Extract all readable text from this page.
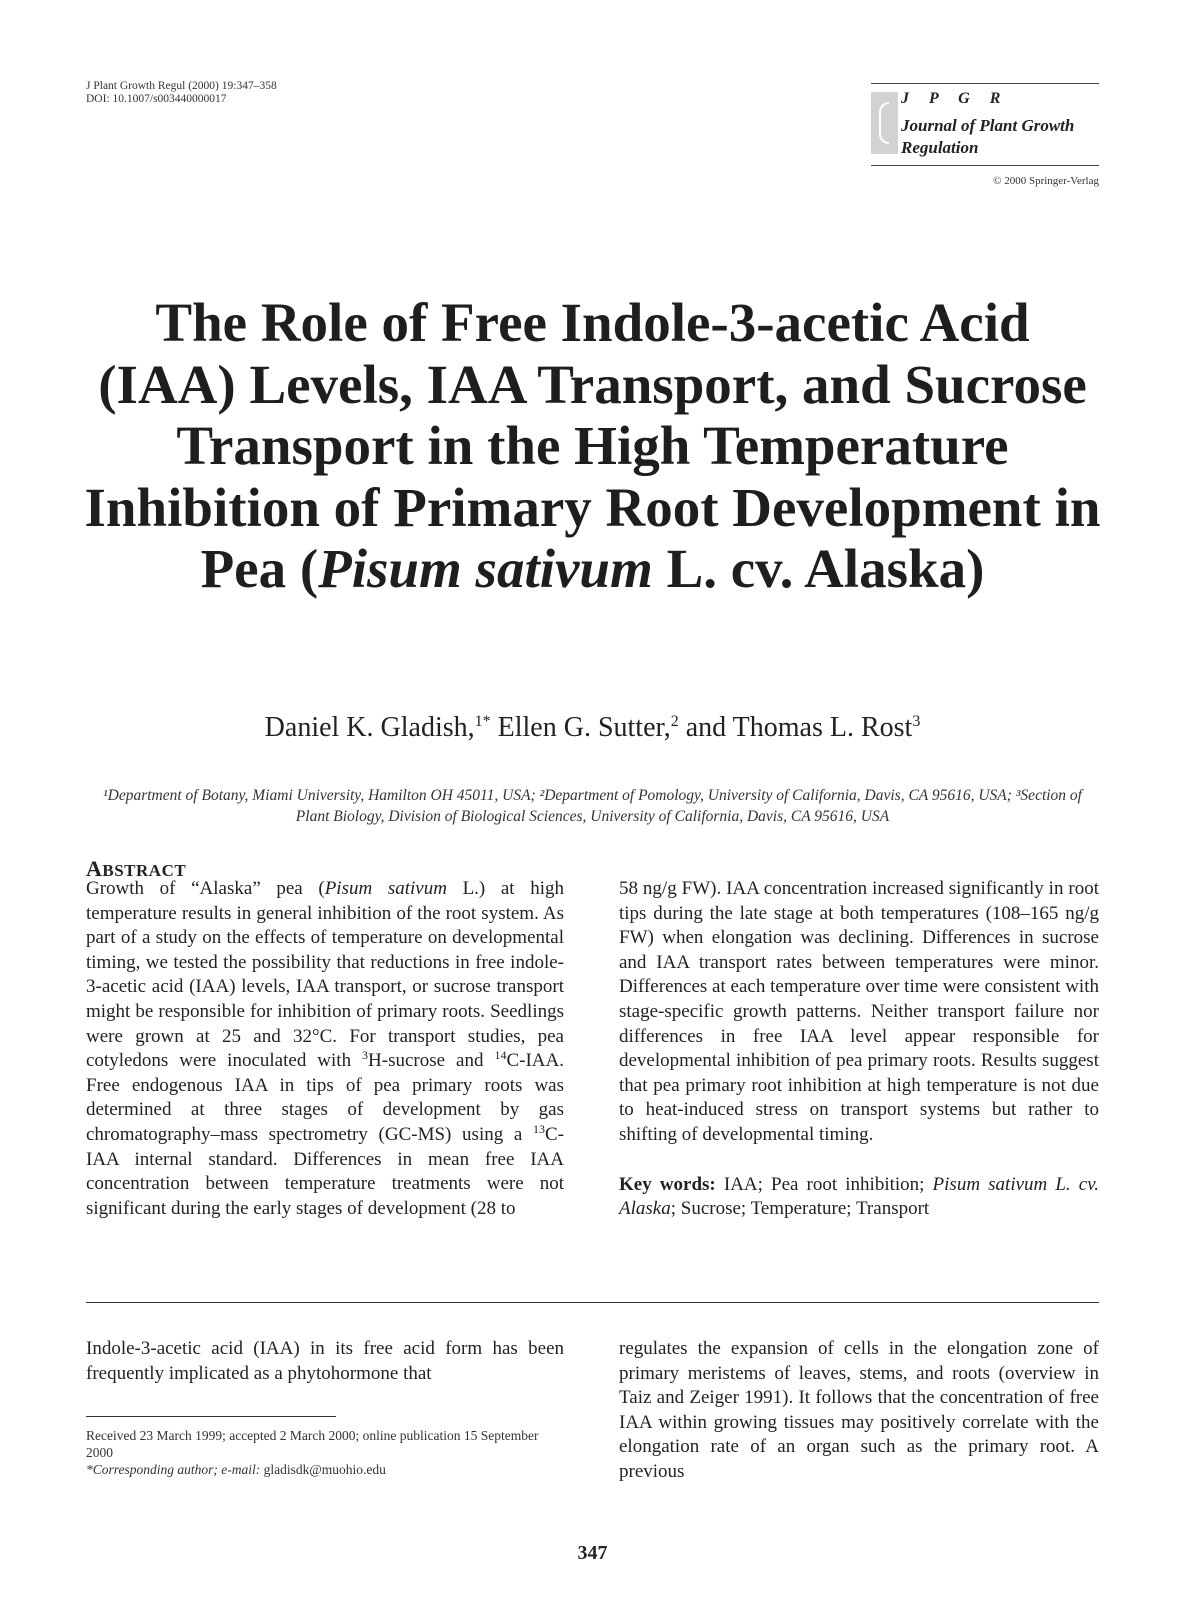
J Plant Growth Regul (2000) 19:347–358
DOI: 10.1007/s003440000017	J P G R
Journal of Plant Growth
Regulation
© 2000 Springer-Verlag
The Role of Free Indole-3-acetic Acid (IAA) Levels, IAA Transport, and Sucrose Transport in the High Temperature Inhibition of Primary Root Development in Pea (Pisum sativum L. cv. Alaska)
Daniel K. Gladish,$^{1*}$ Ellen G. Sutter,$^2$ and Thomas L. Rost$^3$
¹Department of Botany, Miami University, Hamilton OH 45011, USA; ²Department of Pomology, University of California, Davis, CA 95616, USA; ³Section of Plant Biology, Division of Biological Sciences, University of California, Davis, CA 95616, USA
ABSTRACT

Growth of “Alaska” pea (Pisum sativum L.) at high temperature results in general inhibition of the root system. As part of a study on the effects of temperature on developmental timing, we tested the possibility that reductions in free indole-3-acetic acid (IAA) levels, IAA transport, or sucrose transport might be responsible for inhibition of primary roots. Seedlings were grown at 25 and 32°C. For transport studies, pea cotyledons were inoculated with $^3$H-sucrose and $^{14}$C-IAA. Free endogenous IAA in tips of pea primary roots was determined at three stages of development by gas chromatography–mass spectrometry (GC-MS) using a $^{13}$C-IAA internal standard. Differences in mean free IAA concentration between temperature treatments were not significant during the early stages of development (28 to

58 ng/g FW). IAA concentration increased significantly in root tips during the late stage at both temperatures (108–165 ng/g FW) when elongation was declining. Differences in sucrose and IAA transport rates between temperatures were minor. Differences at each temperature over time were consistent with stage-specific growth patterns. Neither transport failure nor differences in free IAA level appear responsible for developmental inhibition of pea primary roots. Results suggest that pea primary root inhibition at high temperature is not due to heat-induced stress on transport systems but rather to shifting of developmental timing.

Key words: IAA; Pea root inhibition; Pisum sativum L. cv. Alaska; Sucrose; Temperature; Transport

Indole-3-acetic acid (IAA) in its free acid form has been frequently implicated as a phytohormone that

regulates the expansion of cells in the elongation zone of primary meristems of leaves, stems, and roots (overview in Taiz and Zeiger 1991). It follows that the concentration of free IAA within growing tissues may positively correlate with the elongation rate of an organ such as the primary root. A previous

Received 23 March 1999; accepted 2 March 2000; online publication 15 September 2000
*Corresponding author; e-mail: gladisdk@muohio.edu
347
